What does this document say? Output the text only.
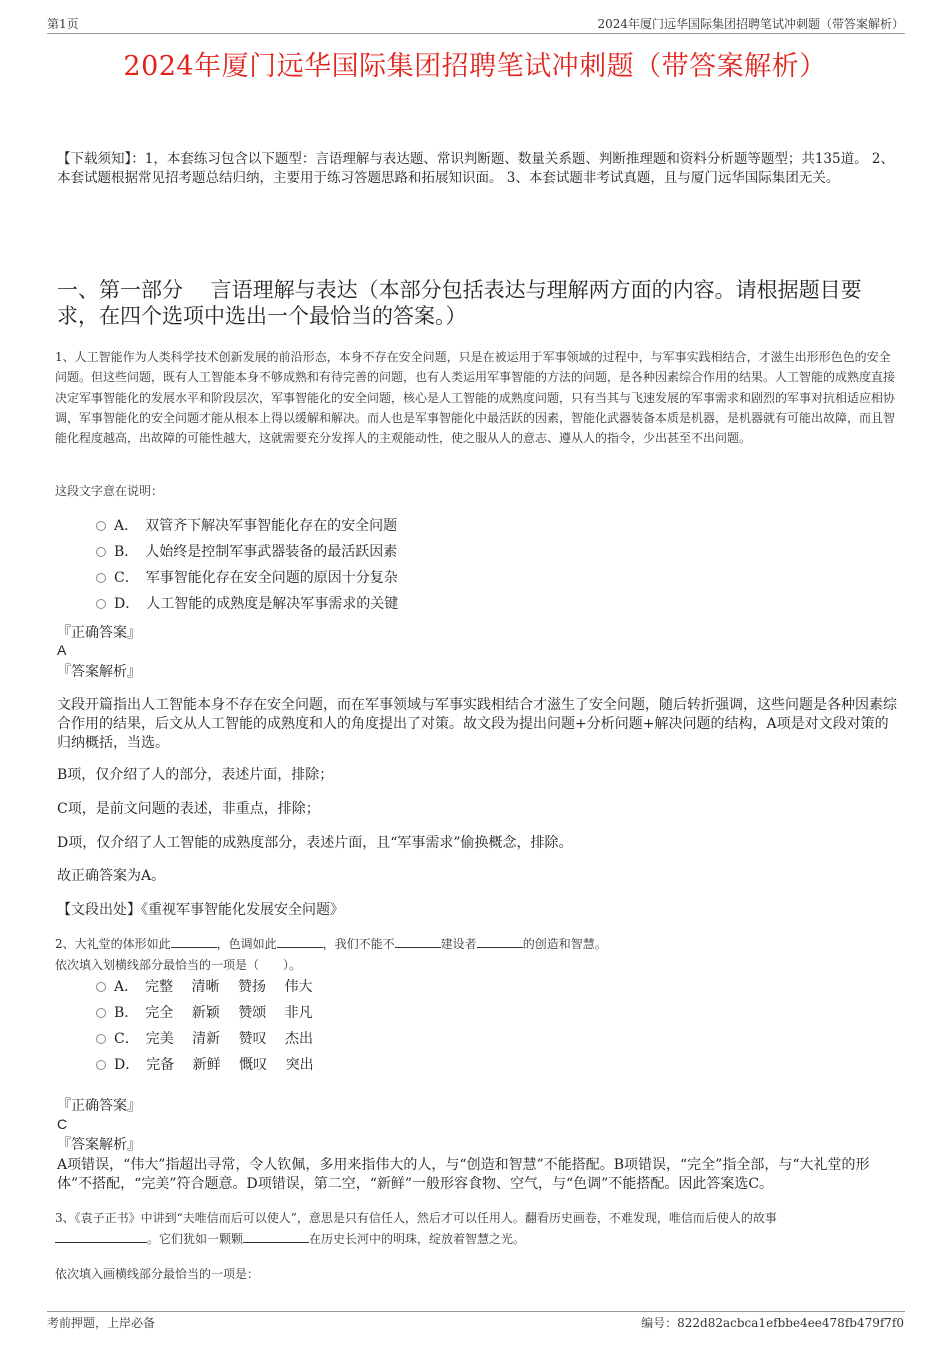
第1页	2024年厦门远华国际集团招聘笔试冲刺题（带答案解析）
2024年厦门远华国际集团招聘笔试冲刺题（带答案解析）
【下载须知】：1，本套练习包含以下题型：言语理解与表达题、常识判断题、数量关系题、判断推理题和资料分析题等题型；共135道。 2、本套试题根据常见招考题总结归纳，主要用于练习答题思路和拓展知识面。 3、本套试题非考试真题，且与厦门远华国际集团无关。
一、第一部分　 言语理解与表达（本部分包括表达与理解两方面的内容。请根据题目要求，在四个选项中选出一个最恰当的答案。）
1、人工智能作为人类科学技术创新发展的前沿形态，本身不存在安全问题，只是在被运用于军事领域的过程中，与军事实践相结合，才滋生出形形色色的安全问题。但这些问题，既有人工智能本身不够成熟和有待完善的问题，也有人类运用军事智能的方法的问题，是各种因素综合作用的结果。人工智能的成熟度直接决定军事智能化的发展水平和阶段层次，军事智能化的安全问题，核心是人工智能的成熟度问题，只有当其与飞速发展的军事需求和剧烈的军事对抗相适应相协调，军事智能化的安全问题才能从根本上得以缓解和解决。而人也是军事智能化中最活跃的因素，智能化武器装备本质是机器，是机器就有可能出故障，而且智能化程度越高，出故障的可能性越大，这就需要充分发挥人的主观能动性，使之服从人的意志、遵从人的指令，少出甚至不出问题。
这段文字意在说明：
A．　双管齐下解决军事智能化存在的安全问题
B．　人始终是控制军事武器装备的最活跃因素
C．　军事智能化存在安全问题的原因十分复杂
D．　人工智能的成熟度是解决军事需求的关键
『正确答案』
A
『答案解析』
文段开篇指出人工智能本身不存在安全问题，而在军事领域与军事实践相结合才滋生了安全问题，随后转折强调，这些问题是各种因素综合作用的结果，后文从人工智能的成熟度和人的角度提出了对策。故文段为提出问题+分析问题+解决问题的结构，A项是对文段对策的归纳概括，当选。
B项，仅介绍了人的部分，表述片面，排除；
C项，是前文问题的表述，非重点，排除；
D项，仅介绍了人工智能的成熟度部分，表述片面，且“军事需求”偷换概念，排除。
故正确答案为A。
【文段出处】《重视军事智能化发展安全问题》
2、大礼堂的体形如此	，色调如此	，我们不能不	建设者	的创造和智慧。
依次填入划横线部分最恰当的一项是（　　）。
A．　完整　 清晰　 赞扬　 伟大
B．　完全　 新颖　 赞颂　 非凡
C．　完美　 清新　 赞叹　 杰出
D．　完备　 新鲜　 慨叹　 突出
『正确答案』
C
『答案解析』
A项错误，“伟大”指超出寻常，令人钦佩，多用来指伟大的人，与“创造和智慧”不能搭配。B项错误，“完全”指全部，与“大礼堂的形体”不搭配，“完美”符合题意。D项错误，第二空，“新鲜”一般形容食物、空气，与“色调”不能搭配。因此答案选C。
3、《袁子正书》中讲到“夫唯信而后可以使人”，意思是只有信任人，然后才可以任用人。翻看历史画卷，不难发现，唯信而后使人的故事
。它们犹如一颗颗	在历史长河中的明珠，绽放着智慧之光。
依次填入画横线部分最恰当的一项是：
考前押题，上岸必备	编号：822d82acbca1efbbe4ee478fb479f7f0
